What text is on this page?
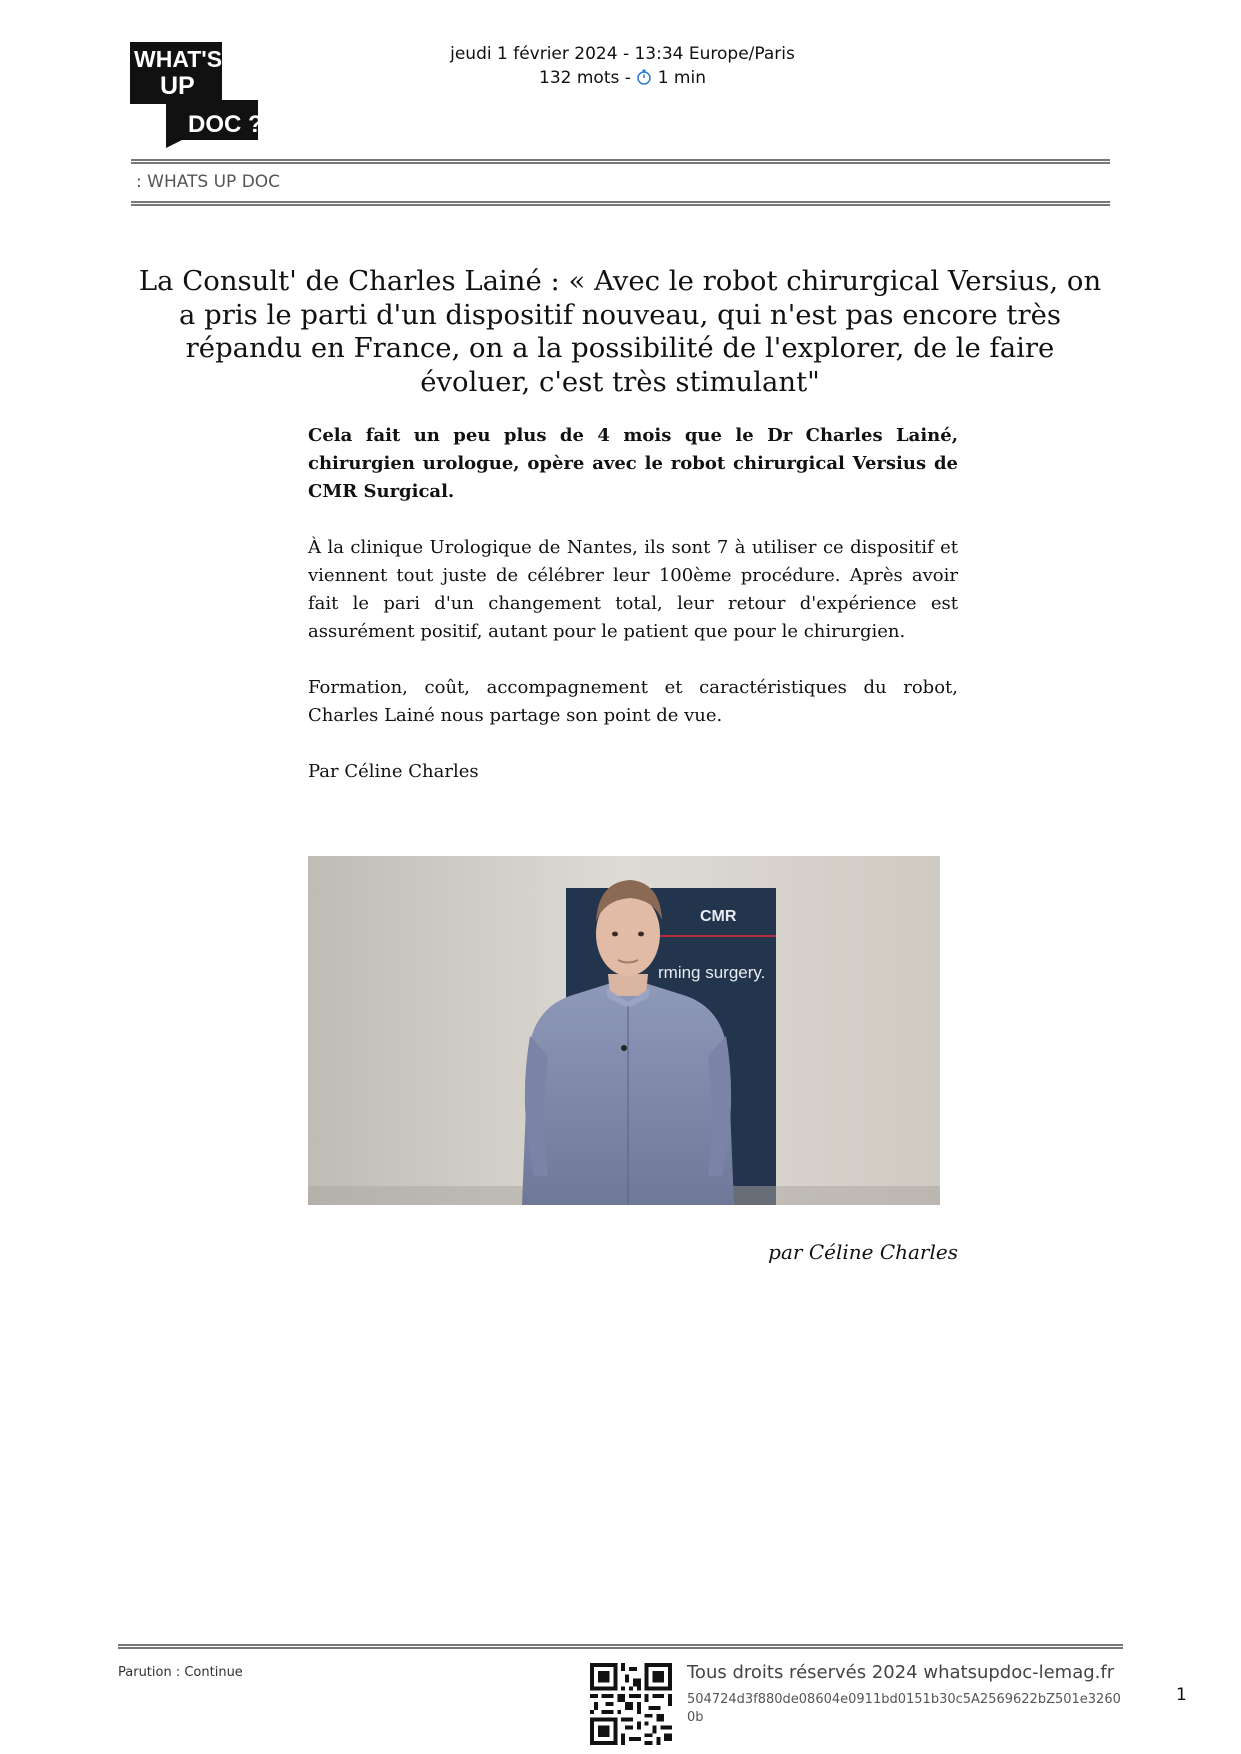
WHAT'S
UP
DOC ?
jeudi 1 février 2024 - 13:34 Europe/Paris
132 mots - 1 min
: WHATS UP DOC
La Consult' de Charles Lainé : « Avec le robot chirurgical Versius, on a pris le parti d'un dispositif nouveau, qui n'est pas encore très répandu en France, on a la possibilité de l'explorer, de le faire évoluer, c'est très stimulant"

Cela fait un peu plus de 4 mois que le Dr Charles Lainé, chirurgien urologue, opère avec le robot chirurgical Versius de CMR Surgical.

À la clinique Urologique de Nantes, ils sont 7 à utiliser ce dispositif et viennent tout juste de célébrer leur 100ème procédure. Après avoir fait le pari d'un changement total, leur retour d'expérience est assurément positif, autant pour le patient que pour le chirurgien.

Formation, coût, accompagnement et caractéristiques du robot, Charles Lainé nous partage son point de vue.

Par Céline Charles

CMR
rming surgery.
par Céline Charles
Parution : Continue	Tous droits réservés 2024 whatsupdoc-lemag.fr
504724d3f880de08604e0911bd0151b30c5A2569622bZ501e32600b
1
